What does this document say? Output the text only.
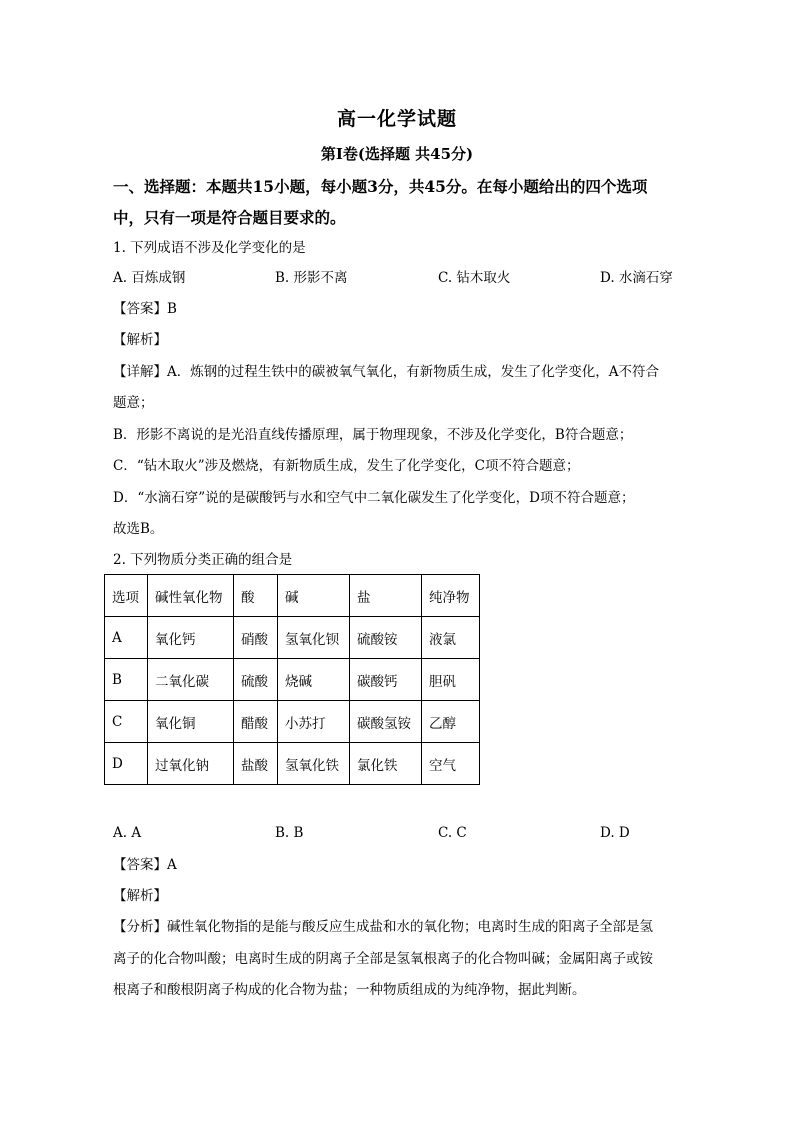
高一化学试题
第Ⅰ卷(选择题 共45分)
一、选择题：本题共15小题，每小题3分，共45分。在每小题给出的四个选项
中，只有一项是符合题目要求的。
1. 下列成语不涉及化学变化的是
A. 百炼成钢	B. 形影不离	C. 钻木取火	D. 水滴石穿
【答案】B
【解析】
【详解】A．炼钢的过程生铁中的碳被氧气氧化，有新物质生成，发生了化学变化，A不符合
题意；
B．形影不离说的是光沿直线传播原理，属于物理现象，不涉及化学变化，B符合题意；
C．“钻木取火”涉及燃烧，有新物质生成，发生了化学变化，C项不符合题意；
D．“水滴石穿”说的是碳酸钙与水和空气中二氧化碳发生了化学变化，D项不符合题意；
故选B。
2. 下列物质分类正确的组合是
选项	碱性氧化物	酸	碱	盐	纯净物
A	氧化钙	硝酸	氢氧化钡	硫酸铵	液氯
B	二氧化碳	硫酸	烧碱	碳酸钙	胆矾
C	氧化铜	醋酸	小苏打	碳酸氢铵	乙醇
D	过氧化钠	盐酸	氢氧化铁	氯化铁	空气
A. A	B. B	C. C	D. D
【答案】A
【解析】
【分析】碱性氧化物指的是能与酸反应生成盐和水的氧化物；电离时生成的阳离子全部是氢
离子的化合物叫酸；电离时生成的阴离子全部是氢氧根离子的化合物叫碱；金属阳离子或铵
根离子和酸根阴离子构成的化合物为盐；一种物质组成的为纯净物，据此判断。
